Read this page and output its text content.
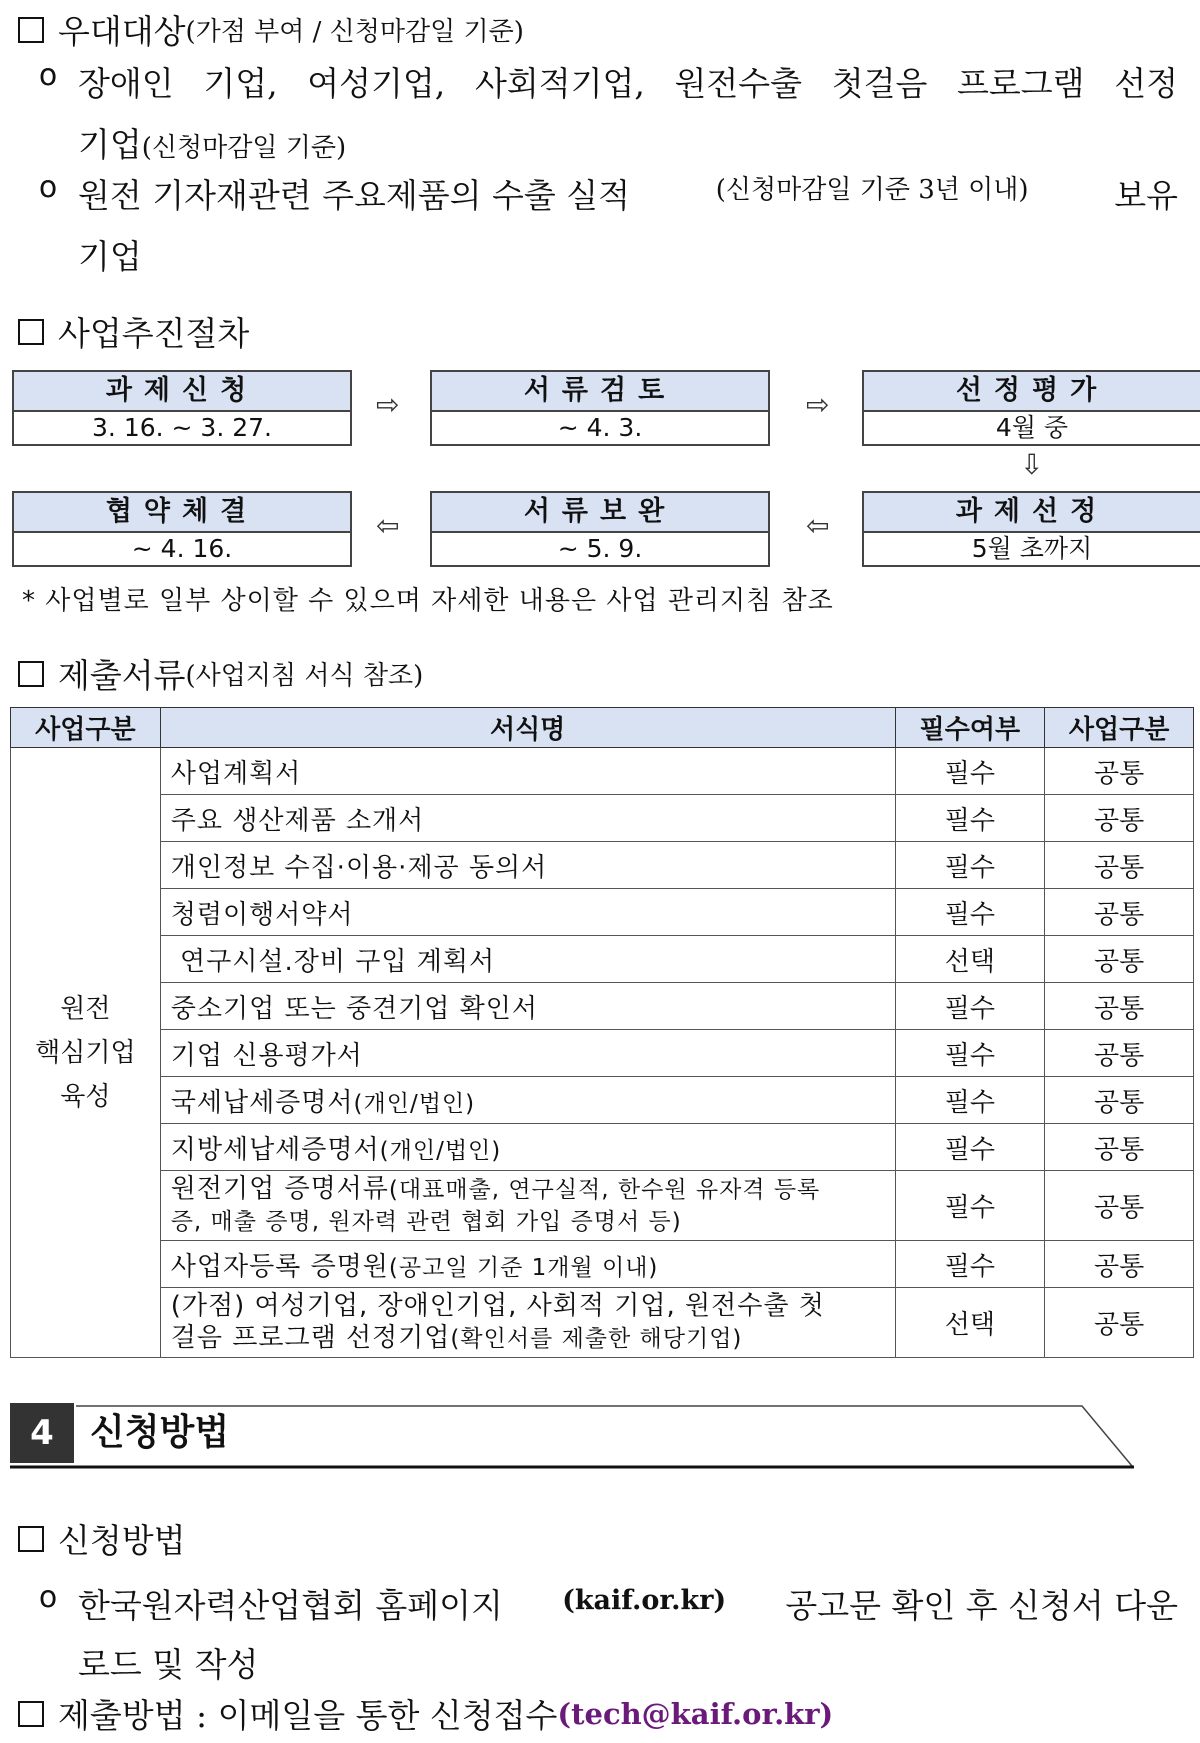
우대대상 (가점 부여 / 신청마감일 기준)
o 장애인 기업, 여성기업, 사회적기업, 원전수출 첫걸음 프로그램 선정
기업(신청마감일 기준)
o 원전 기자재관련 주요제품의 수출 실적	(신청마감일 기준 3년 이내)	보유
기업
사업추진절차
과제신청
3. 16. ~ 3. 27.
⇨	서류검토
~ 4. 3.
⇨	선정평가
4월 중
⇩
협약체결
~ 4. 16.
⇦	서류보완
~ 5. 9.
⇦	과제선정
5월 초까지
* 사업별로 일부 상이할 수 있으며 자세한 내용은 사업 관리지침 참조
제출서류 (사업지침 서식 참조)
사업구분	서식명	필수여부	사업구분

원전
핵심기업
육성	사업계획서	필수	공통
	주요 생산제품 소개서	필수	공통
	개인정보 수집·이용·제공 동의서	필수	공통
	청렴이행서약서	필수	공통
	연구시설.장비 구입 계획서	선택	공통
	중소기업 또는 중견기업 확인서	필수	공통
	기업 신용평가서	필수	공통
	국세납세증명서(개인/법인)	필수	공통
	지방세납세증명서(개인/법인)	필수	공통

	원전기업 증명서류(대표매출, 연구실적, 한수원 유자격 등록
증, 매출 증명, 원자력 관련 협회 가입 증명서 등)	필수	공통
	사업자등록 증명원(공고일 기준 1개월 이내)	필수	공통

	(가점) 여성기업, 장애인기업, 사회적 기업, 원전수출 첫
걸음 프로그램 선정기업(확인서를 제출한 해당기업)	선택	공통
4	신청방법
신청방법
o 한국원자력산업협회 홈페이지 (kaif.or.kr) 공고문 확인 후 신청서 다운
로드 및 작성
제출방법 : 이메일을 통한 신청접수 (tech@kaif.or.kr)
